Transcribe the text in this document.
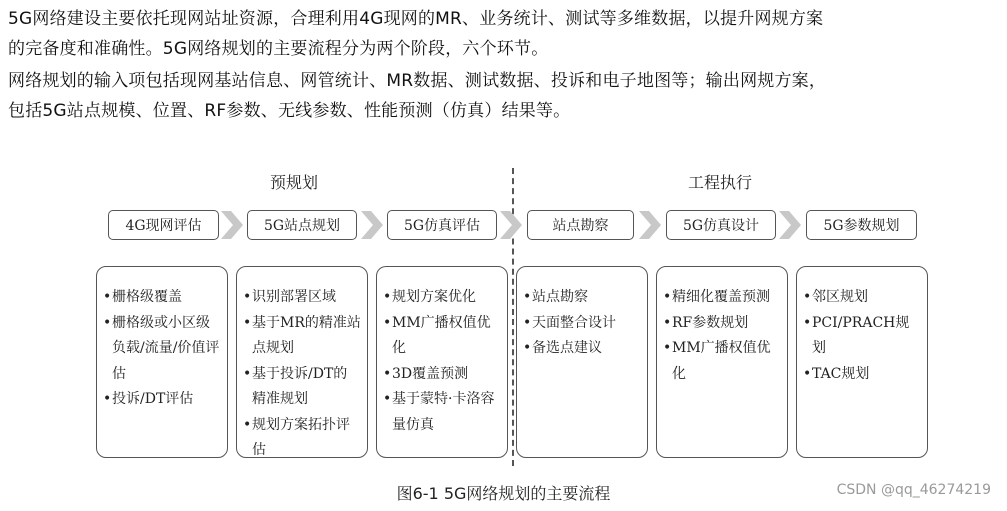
5G网络建设主要依托现网站址资源，合理利用4G现网的MR、业务统计、测试等多维数据，以提升网规方案
的完备度和准确性。5G网络规划的主要流程分为两个阶段，六个环节。
网络规划的输入项包括现网基站信息、网管统计、MR数据、测试数据、投诉和电子地图等；输出网规方案，
包括5G站点规模、位置、RF参数、无线参数、性能预测（仿真）结果等。
预规划	工程执行
4G现网评估	5G站点规划	5G仿真评估	站点勘察	5G仿真设计	5G参数规划
• 栅格级覆盖
• 栅格级或小区级负载/流量/价值评估
• 投诉/DT评估
• 识别部署区域
• 基于MR的精准站点规划
• 基于投诉/DT的精准规划
• 规划方案拓扑评估
• 规划方案优化
• MM广播权值优化
• 3D覆盖预测
• 基于蒙特·卡洛容量仿真
• 站点勘察
• 天面整合设计
• 备选点建议
• 精细化覆盖预测
• RF参数规划
• MM广播权值优化
• 邻区规划
• PCI/PRACH规划
• TAC规划
图6-1 5G网络规划的主要流程	CSDN @qq_46274219
